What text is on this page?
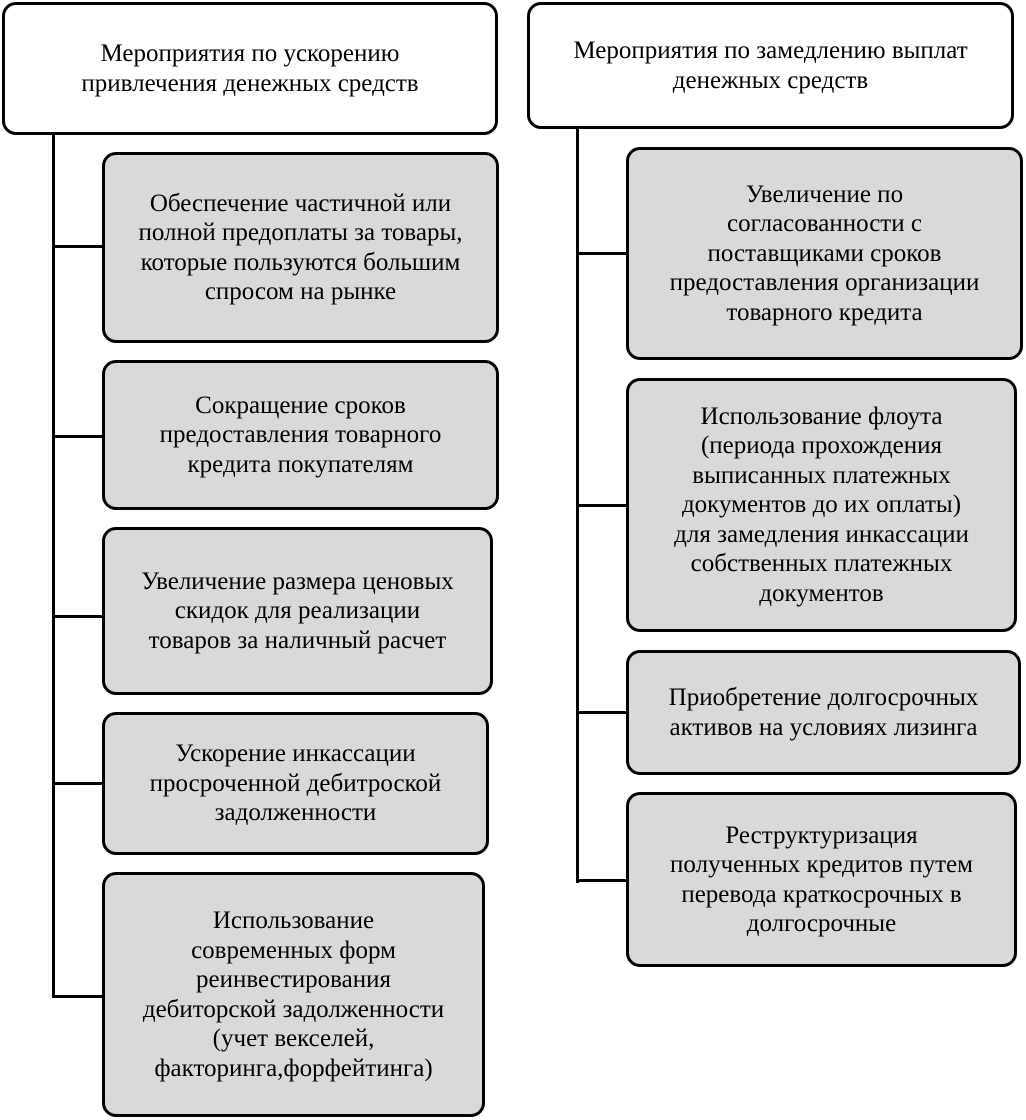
Мероприятия по ускорению
привлечения денежных средств
Обеспечение частичной или
полной предоплаты за товары,
которые пользуются большим
спросом на рынке
Сокращение сроков
предоставления товарного
кредита покупателям
Увеличение размера ценовых
скидок для реализации
товаров за наличный расчет
Ускорение инкассации
просроченной дебитроской
задолженности
Использование
современных форм
реинвестирования
дебиторской задолженности
(учет векселей,
факторинга,форфейтинга)
Мероприятия по замедлению выплат
денежных средств
Увеличение по
согласованности с
поставщиками сроков
предоставления организации
товарного кредита
Использование флоута
(периода прохождения
выписанных платежных
документов до их оплаты)
для замедления инкассации
собственных платежных
документов
Приобретение долгосрочных
активов на условиях лизинга
Реструктуризация
полученных кредитов путем
перевода краткосрочных в
долгосрочные
